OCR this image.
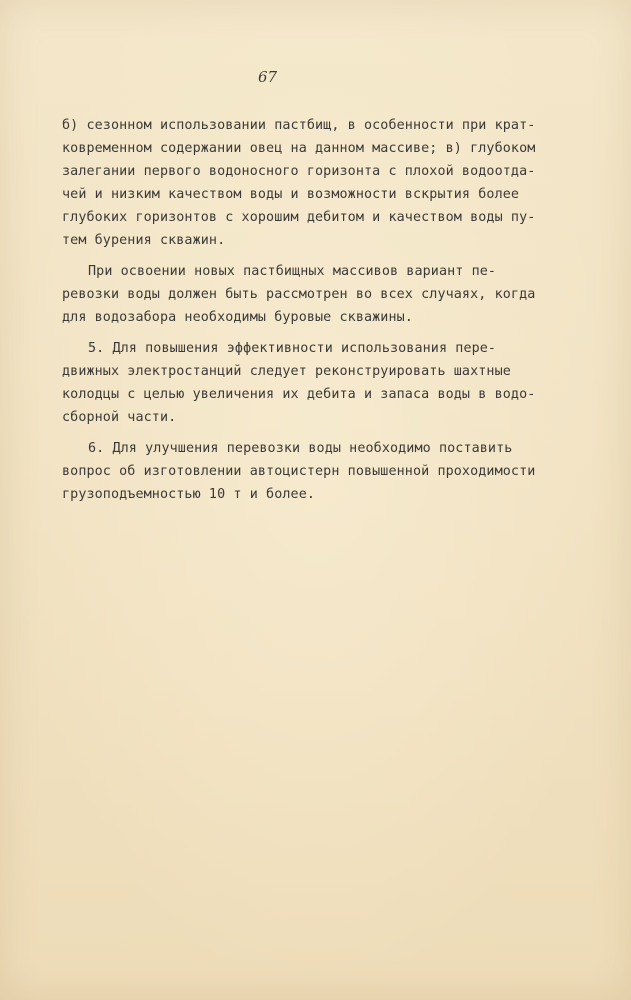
67
б) сезонном использовании пастбищ, в особенности при крат-
ковременном содержании овец на данном массиве; в) глубоком
залегании первого водоносного горизонта с плохой водоотда-
чей и низким качеством воды и возможности вскрытия более
глубоких горизонтов с хорошим дебитом и качеством воды пу-
тем бурения скважин.
При освоении новых пастбищных массивов вариант пе-
ревозки воды должен быть рассмотрен во всех случаях, когда
для водозабора необходимы буровые скважины.
5. Для повышения эффективности использования пере-
движных электростанций следует реконструировать шахтные
колодцы с целью увеличения их дебита и запаса воды в водо-
сборной части.
6. Для улучшения перевозки воды необходимо поставить
вопрос об изготовлении автоцистерн повышенной проходимости
грузоподъемностью 10 т и более.
